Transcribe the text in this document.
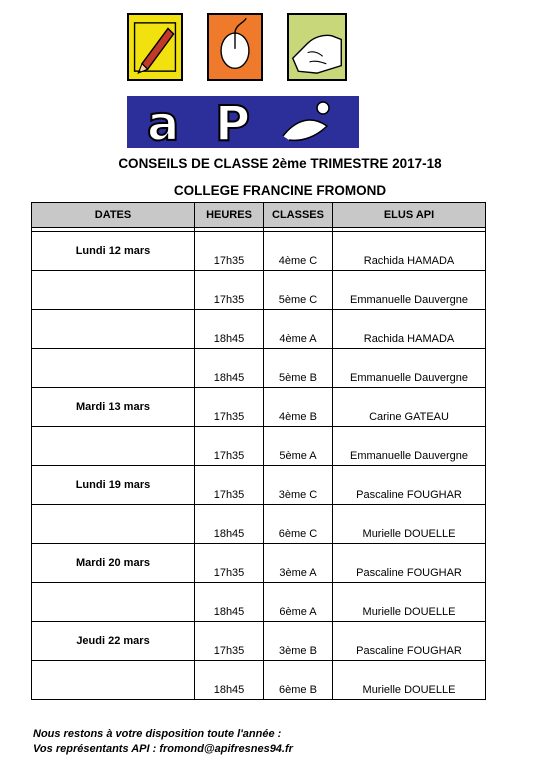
a P
CONSEILS DE CLASSE 2ème TRIMESTRE 2017-18
COLLEGE FRANCINE FROMOND
DATES	HEURES	CLASSES	ELUS API

Lundi 12 mars	17h35	4ème C	Rachida HAMADA
	17h35	5ème C	Emmanuelle Dauvergne
	18h45	4ème A	Rachida HAMADA
	18h45	5ème B	Emmanuelle Dauvergne
Mardi 13 mars	17h35	4ème B	Carine GATEAU
	17h35	5ème A	Emmanuelle Dauvergne
Lundi 19 mars	17h35	3ème C	Pascaline FOUGHAR
	18h45	6ème C	Murielle DOUELLE
Mardi 20 mars	17h35	3ème A	Pascaline FOUGHAR
	18h45	6ème A	Murielle DOUELLE
Jeudi 22 mars	17h35	3ème B	Pascaline FOUGHAR
	18h45	6ème B	Murielle DOUELLE
Nous restons à votre disposition toute l'année :
Vos représentants API : fromond@apifresnes94.fr
